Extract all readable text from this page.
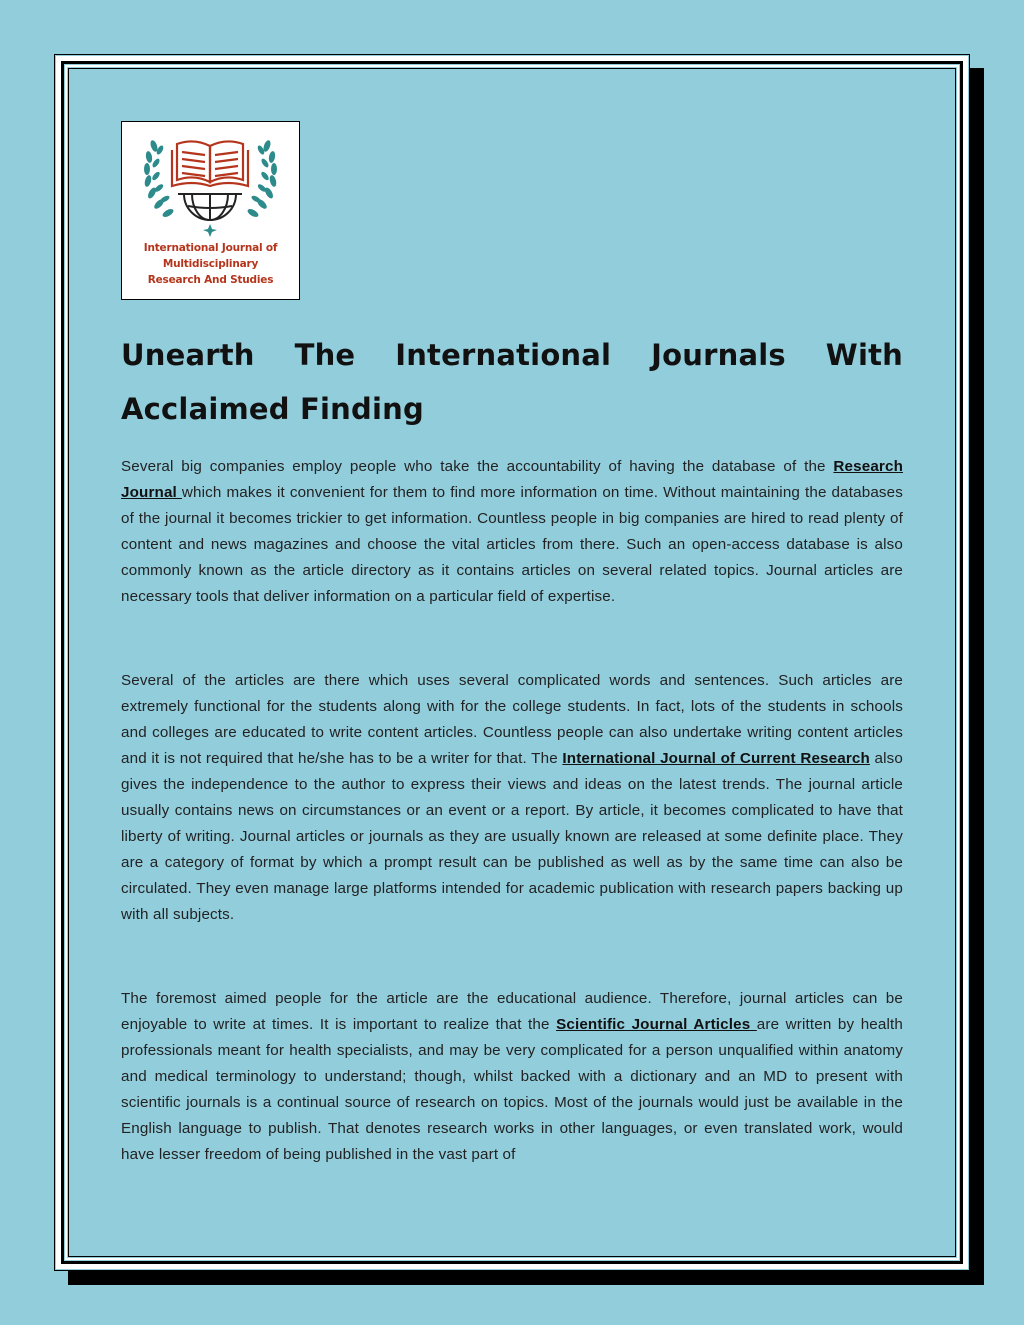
International Journal of
Multidisciplinary
Research And Studies
Unearth The International Journals With Acclaimed Finding

Several big companies employ people who take the accountability of having the database of the Research Journal which makes it convenient for them to find more information on time. Without maintaining the databases of the journal it becomes trickier to get information. Countless people in big companies are hired to read plenty of content and news magazines and choose the vital articles from there. Such an open-access database is also commonly known as the article directory as it contains articles on several related topics. Journal articles are necessary tools that deliver information on a particular field of expertise.

Several of the articles are there which uses several complicated words and sentences. Such articles are extremely functional for the students along with for the college students. In fact, lots of the students in schools and colleges are educated to write content articles. Countless people can also undertake writing content articles and it is not required that he/she has to be a writer for that. The International Journal of Current Research also gives the independence to the author to express their views and ideas on the latest trends. The journal article usually contains news on circumstances or an event or a report. By article, it becomes complicated to have that liberty of writing. Journal articles or journals as they are usually known are released at some definite place. They are a category of format by which a prompt result can be published as well as by the same time can also be circulated. They even manage large platforms intended for academic publication with research papers backing up with all subjects.

The foremost aimed people for the article are the educational audience. Therefore, journal articles can be enjoyable to write at times. It is important to realize that the Scientific Journal Articles are written by health professionals meant for health specialists, and may be very complicated for a person unqualified within anatomy and medical terminology to understand; though, whilst backed with a dictionary and an MD to present with scientific journals is a continual source of research on topics. Most of the journals would just be available in the English language to publish. That denotes research works in other languages, or even translated work, would have lesser freedom of being published in the vast part of
